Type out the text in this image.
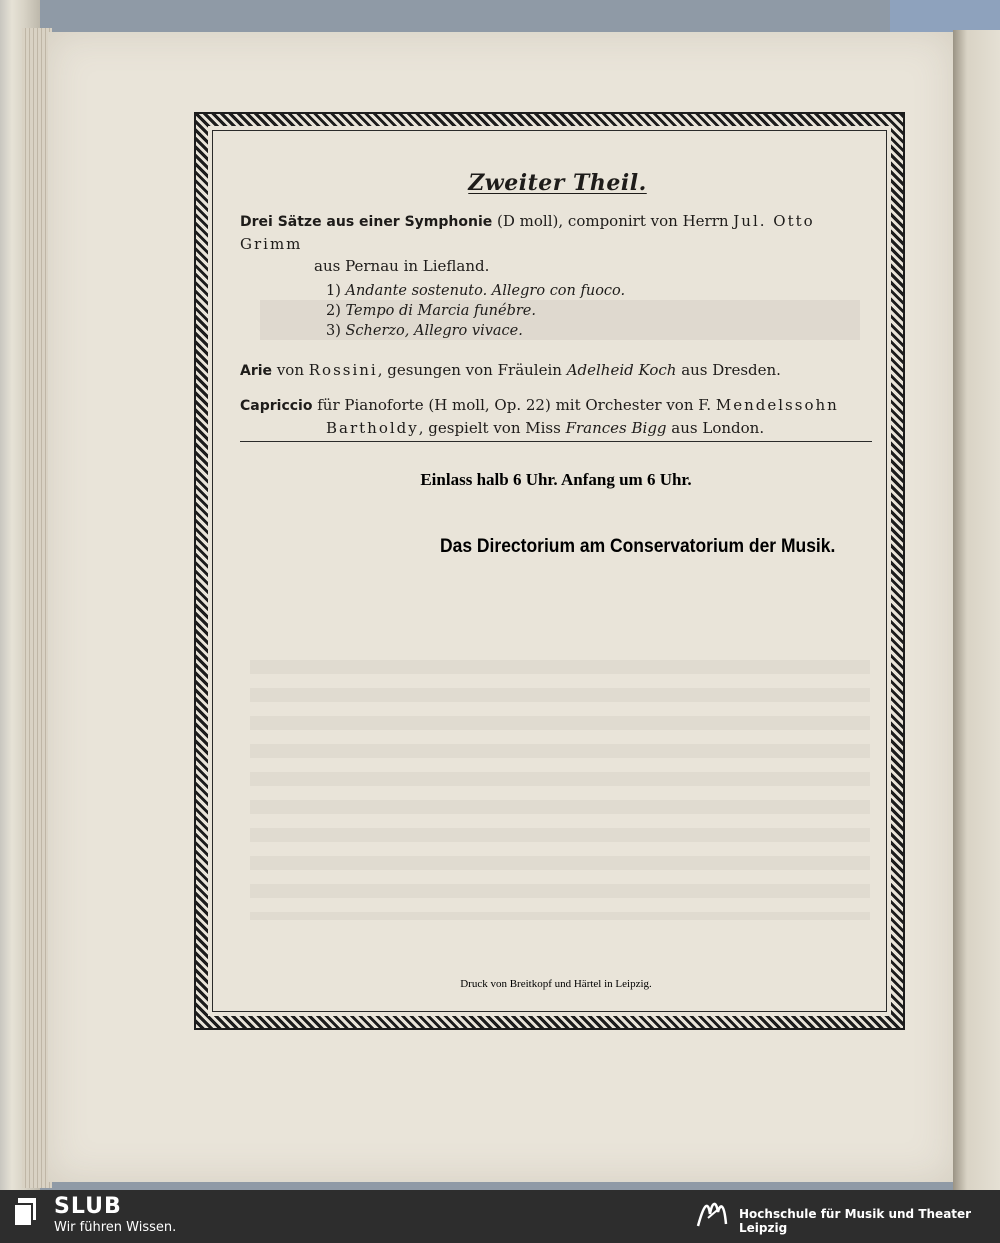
Zweiter Theil.

Drei Sätze aus einer Symphonie (D moll), componirt von Herrn Jul. Otto Grimm

aus Pernau in Liefland.

1) Andante sostenuto. Allegro con fuoco.
2) Tempo di Marcia funébre.
3) Scherzo, Allegro vivace.

Arie von Rossini, gesungen von Fräulein Adelheid Koch aus Dresden.

Capriccio für Pianoforte (H moll, Op. 22) mit Orchester von F. Mendelssohn

Bartholdy, gespielt von Miss Frances Bigg aus London.

Einlass halb 6 Uhr. Anfang um 6 Uhr.
Das Directorium am Conservatorium der Musik.
Druck von Breitkopf und Härtel in Leipzig.
SLUB
Wir führen Wissen.
Hochschule für Musik und Theater Leipzig
